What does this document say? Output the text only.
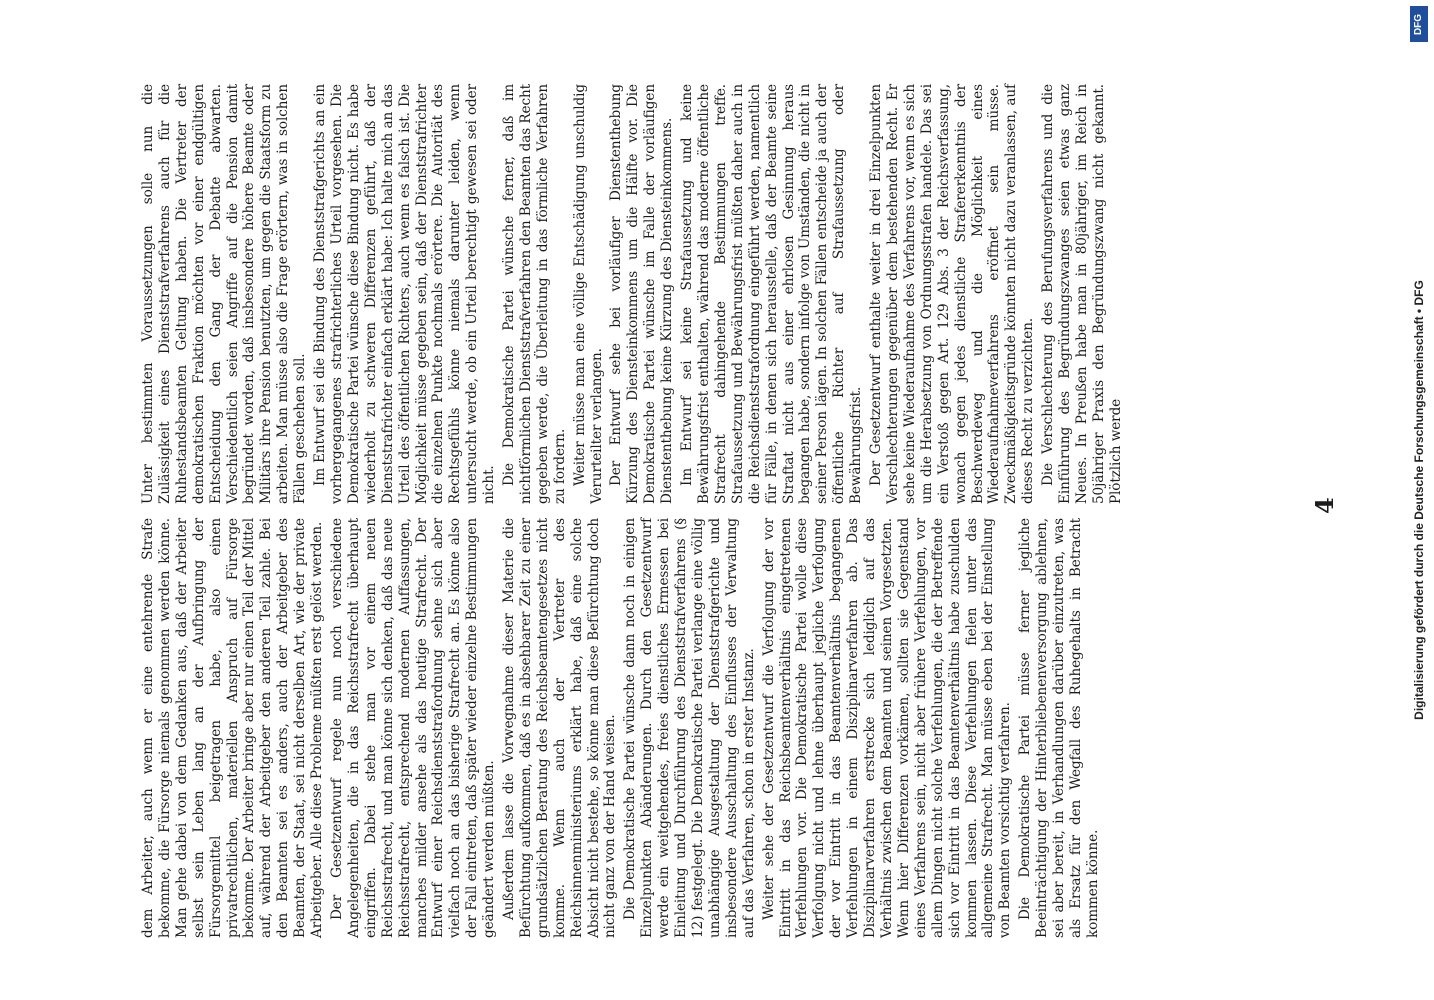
4

dem Arbeiter, auch wenn er eine entehrende Strafe bekomme, die Fürsorge niemals genommen werden könne. Man gehe dabei von dem Gedanken aus, daß der Arbeiter selbst sein Leben lang an der Aufbringung der Fürsorgemittel beigetragen habe, also einen privatrechtlichen, materiellen Anspruch auf Fürsorge bekomme. Der Arbeiter bringe aber nur einen Teil der Mittel auf, während der Arbeitgeber den anderen Teil zahle. Bei den Beamten sei es anders, auch der Arbeitgeber des Beamten, der Staat, sei nicht derselben Art, wie der private Arbeitgeber. Alle diese Probleme müßten erst gelöst werden. Der Gesetzentwurf regele nun noch verschiedene Angelegenheiten, die in das Reichsstrafrecht überhaupt eingriffen. Dabei stehe man vor einem neuen Reichsstrafrecht, und man könne sich denken, daß das neue Reichsstrafrecht, entsprechend modernen Auffassungen, manches milder ansehe als das heutige Strafrecht. Der Entwurf einer Reichsdienststrafordnung sehne sich aber vielfach noch an das bisherige Strafrecht an. Es könne also der Fall eintreten, daß später wieder einzelne Bestimmungen geändert werden müßten. Außerdem lasse die Vorwegnahme dieser Materie die Befürchtung aufkommen, daß es in absehbarer Zeit zu einer grundsätzlichen Beratung des Reichsbeamtengesetzes nicht komme. Wenn auch der Vertreter des Reichsinnenministeriums erklärt habe, daß eine solche Absicht nicht bestehe, so könne man diese Befürchtung doch nicht ganz von der Hand weisen. Die Demokratische Partei wünsche dann noch in einigen Einzelpunkten Abänderungen. Durch den Gesetzentwurf werde ein weitgehendes, freies dienstliches Ermessen bei Einleitung und Durchführung des Dienststrafverfahrens (§ 12) festgelegt. Die Demokratische Partei verlange eine völlig unabhängige Ausgestaltung der Dienststrafgerichte und insbesondere Ausschaltung des Einflusses der Verwaltung auf das Verfahren, schon in erster Instanz. Weiter sehe der Gesetzentwurf die Verfolgung der vor Eintritt in das Reichsbeamtenverhältnis eingetretenen Verfehlungen vor. Die Demokratische Partei wolle diese Verfolgung nicht und lehne überhaupt jegliche Verfolgung der vor Eintritt in das Beamtenverhältnis begangenen Verfehlungen in einem Disziplinarverfahren ab. Das Disziplinarverfahren erstrecke sich lediglich auf das Verhältnis zwischen dem Beamten und seinen Vorgesetzten. Wenn hier Differenzen vorkämen, sollten sie Gegenstand eines Verfahrens sein, nicht aber frühere Verfehlungen, vor allem Dingen nicht solche Verfehlungen, die der Betreffende sich vor Eintritt in das Beamtenverhältnis habe zuschulden kommen lassen. Diese Verfehlungen fielen unter das allgemeine Strafrecht. Man müsse eben bei der Einstellung von Beamten vorsichtig verfahren. Die Demokratische Partei müsse ferner jegliche Beeinträchtigung der Hinterbliebenenversorgung ablehnen, sei aber bereit, in Verhandlungen darüber einzutreten, was als Ersatz für den Wegfall des Ruhegehalts in Betracht kommen könne.

Unter bestimmten Voraussetzungen solle nun die Zulässigkeit eines Dienststrafverfahrens auch für die Ruhestandsbeamten Geltung haben. Die Vertreter der demokratischen Fraktion möchten vor einer endgültigen Entscheidung den Gang der Debatte abwarten. Verschiedentlich seien Angriffe auf die Pension damit begründet worden, daß insbesondere höhere Beamte oder Militärs ihre Pension benutzten, um gegen die Staatsform zu arbeiten. Man müsse also die Frage erörtern, was in solchen Fällen geschehen soll. Im Entwurf sei die Bindung des Dienststrafgerichts an ein vorhergegangenes strafrichterliches Urteil vorgesehen. Die Demokratische Partei wünsche diese Bindung nicht. Es habe wiederholt zu schweren Differenzen geführt, daß der Dienststrafrichter einfach erklärt habe: Ich halte mich an das Urteil des öffentlichen Richters, auch wenn es falsch ist. Die Möglichkeit müsse gegeben sein, daß der Dienststrafrichter die einzelnen Punkte nochmals erörtere. Die Autorität des Rechtsgefühls könne niemals darunter leiden, wenn untersucht werde, ob ein Urteil berechtigt gewesen sei oder nicht. Die Demokratische Partei wünsche ferner, daß im nichtförmlichen Dienststrafverfahren den Beamten das Recht gegeben werde, die Überleitung in das förmliche Verfahren zu fordern. Weiter müsse man eine völlige Entschädigung unschuldig Verurteilter verlangen. Der Entwurf sehe bei vorläufiger Dienstenthebung Kürzung des Diensteinkommens um die Hälfte vor. Die Demokratische Partei wünsche im Falle der vorläufigen Dienstenthebung keine Kürzung des Diensteinkommens. Im Entwurf sei keine Strafaussetzung und keine Bewährungsfrist enthalten, während das moderne öffentliche Strafrecht dahingehende Bestimmungen treffe. Strafaussetzung und Bewährungsfrist müßten daher auch in die Reichsdienststrafordnung eingeführt werden, namentlich für Fälle, in denen sich herausstelle, daß der Beamte seine Straftat nicht aus einer ehrlosen Gesinnung heraus begangen habe, sondern infolge von Umständen, die nicht in seiner Person lägen. In solchen Fällen entscheide ja auch der öffentliche Richter auf Strafaussetzung oder Bewährungsfrist. Der Gesetzentwurf enthalte weiter in drei Einzelpunkten Verschlechterungen gegenüber dem bestehenden Recht. Er sehe keine Wiederaufnahme des Verfahrens vor, wenn es sich um die Herabsetzung von Ordnungsstrafen handele. Das sei ein Verstoß gegen Art. 129 Abs. 3 der Reichsverfassung, wonach gegen jedes dienstliche Strafererkenntnis der Beschwerdeweg und die Möglichkeit eines Wiederaufnahmeverfahrens eröffnet sein müsse. Zweckmäßigkeitsgründe könnten nicht dazu veranlassen, auf dieses Recht zu verzichten. Die Verschlechterung des Berufungsverfahrens und die Einführung des Begründungszwanges seien etwas ganz Neues. In Preußen habe man in 80jähriger, im Reich in 50jähriger Praxis den Begründungszwang nicht gekannt. Plötzlich werde	Digitalisierung gefördert durch die Deutsche Forschungsgemeinschaft • DFG
DFG
